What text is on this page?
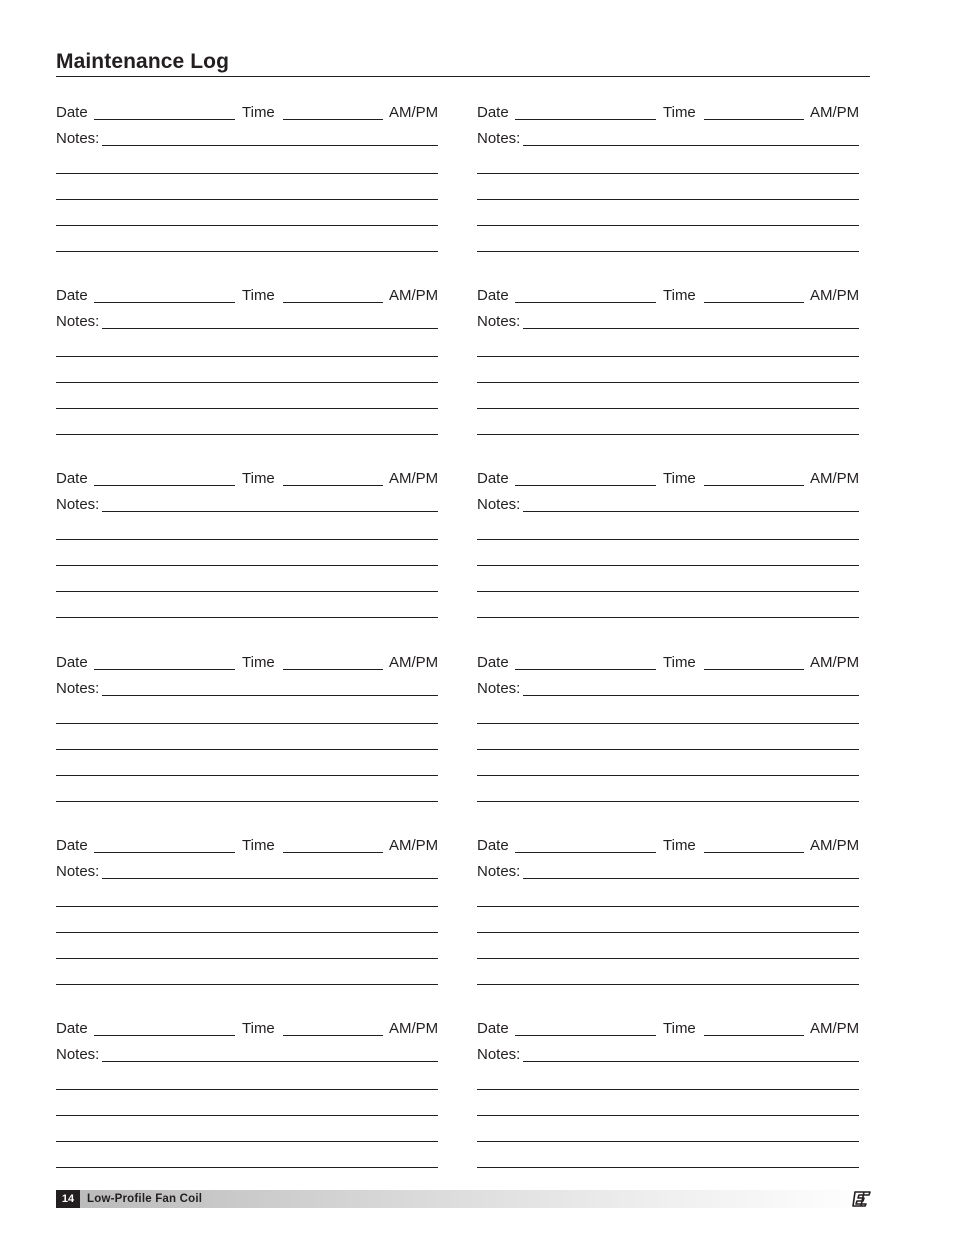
Maintenance Log
Date	Time	AM/PM
Notes:
Date	Time	AM/PM
Notes:
Date	Time	AM/PM
Notes:
Date	Time	AM/PM
Notes:
Date	Time	AM/PM
Notes:
Date	Time	AM/PM
Notes:
Date	Time	AM/PM
Notes:
Date	Time	AM/PM
Notes:
Date	Time	AM/PM
Notes:
Date	Time	AM/PM
Notes:
Date	Time	AM/PM
Notes:
Date	Time	AM/PM
Notes:
14	Low-Profile Fan Coil
